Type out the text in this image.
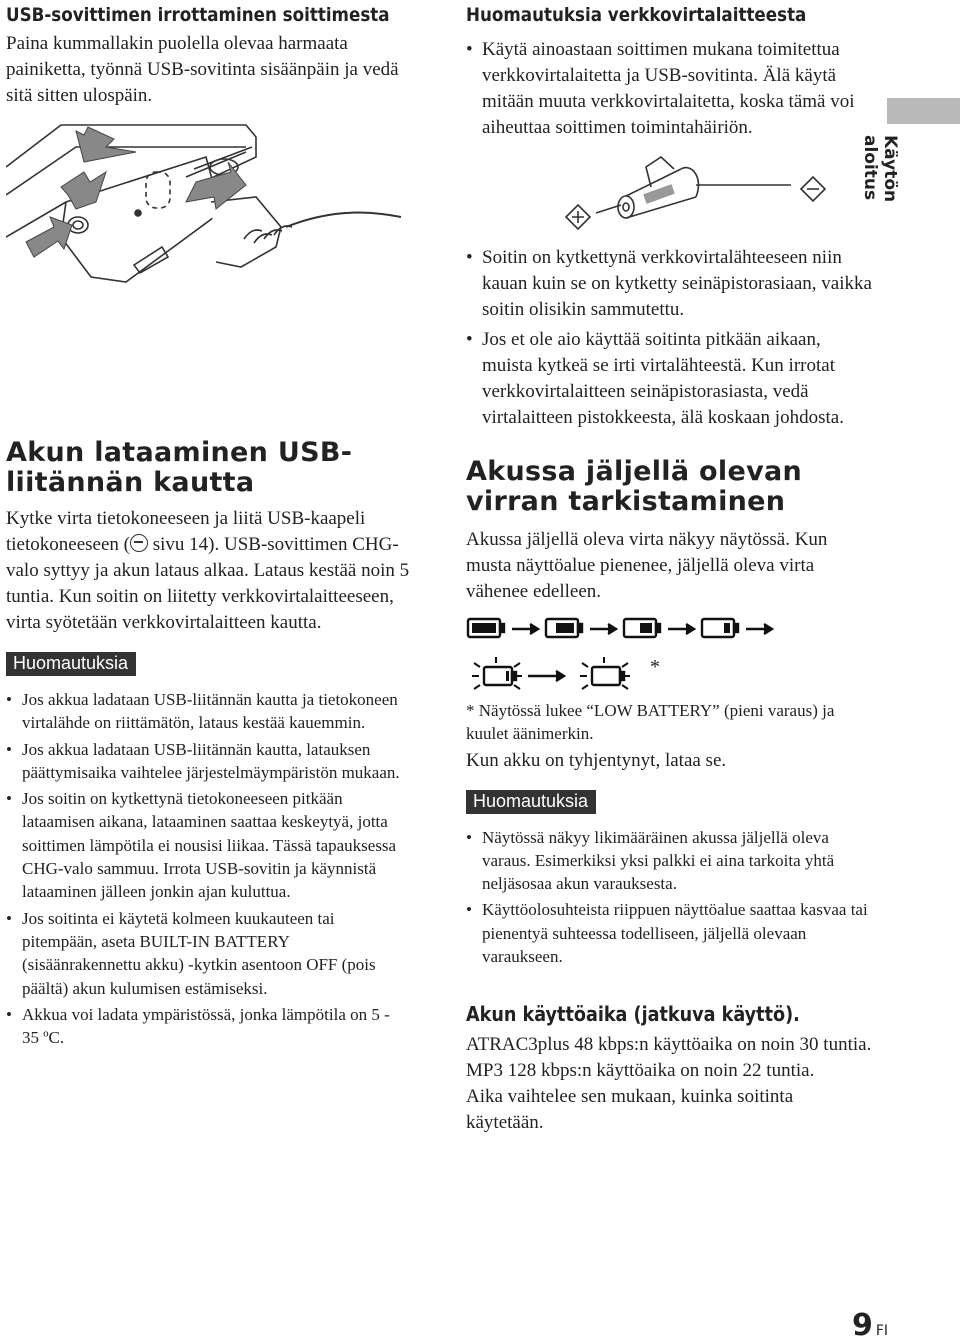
USB-sovittimen irrottaminen soittimesta

Paina kummallakin puolella olevaa harmaata painiketta, työnnä USB-sovitinta sisäänpäin ja vedä sitä sitten ulospäin.

Akun lataaminen USB-
liitännän kautta

Kytke virta tietokoneeseen ja liitä USB-kaapeli tietokoneeseen (
sivu 14). USB-sovittimen CHG-valo syttyy ja akun lataus alkaa. Lataus kestää noin 5 tuntia. Kun soitin on liitetty verkkovirtalaitteeseen, virta syötetään verkkovirtalaitteen kautta.

Huomautuksia
• Jos akkua ladataan USB-liitännän kautta ja tietokoneen virtalähde on riittämätön, lataus kestää kauemmin.
• Jos akkua ladataan USB-liitännän kautta, latauksen päättymisaika vaihtelee järjestelmäympäristön mukaan.
• Jos soitin on kytkettynä tietokoneeseen pitkään lataamisen aikana, lataaminen saattaa keskeytyä, jotta soittimen lämpötila ei nousisi liikaa. Tässä tapauksessa CHG-valo sammuu. Irrota USB-sovitin ja käynnistä lataaminen jälleen jonkin ajan kuluttua.
• Jos soitinta ei käytetä kolmeen kuukauteen tai pitempään, aseta BUILT-IN BATTERY (sisäänrakennettu akku) -kytkin asentoon OFF (pois päältä) akun kulumisen estämiseksi.
• Akkua voi ladata ympäristössä, jonka lämpötila on 5 - 35 ºC.
Huomautuksia verkkovirtalaitteesta
• Käytä ainoastaan soittimen mukana toimitettua verkkovirtalaitetta ja USB-sovitinta. Älä käytä mitään muuta verkkovirtalaitetta, koska tämä voi aiheuttaa soittimen toimintahäiriön.
• Soitin on kytkettynä verkkovirtalähteeseen niin kauan kuin se on kytketty seinäpistorasiaan, vaikka soitin olisikin sammutettu.
• Jos et ole aio käyttää soitinta pitkään aikaan, muista kytkeä se irti virtalähteestä. Kun irrotat verkkovirtalaitteen seinäpistorasiasta, vedä virtalaitteen pistokkeesta, älä koskaan johdosta.
Akussa jäljellä olevan
virran tarkistaminen

Akussa jäljellä oleva virta näkyy näytössä. Kun musta näyttöalue pienenee, jäljellä oleva virta vähenee edelleen.

*

* Näytössä lukee “LOW BATTERY” (pieni varaus) ja kuulet äänimerkin.

Kun akku on tyhjentynyt, lataa se.

Huomautuksia
• Näytössä näkyy likimääräinen akussa jäljellä oleva varaus. Esimerkiksi yksi palkki ei aina tarkoita yhtä neljäsosaa akun varauksesta.
• Käyttöolosuhteista riippuen näyttöalue saattaa kasvaa tai pienentyä suhteessa todelliseen, jäljellä olevaan varaukseen.
Akun käyttöaika (jatkuva käyttö).

ATRAC3plus 48 kbps:n käyttöaika on noin 30 tuntia. MP3 128 kbps:n käyttöaika on noin 22 tuntia.

Aika vaihtelee sen mukaan, kuinka soitinta käytetään.

Käytön aloitus
9 FI
